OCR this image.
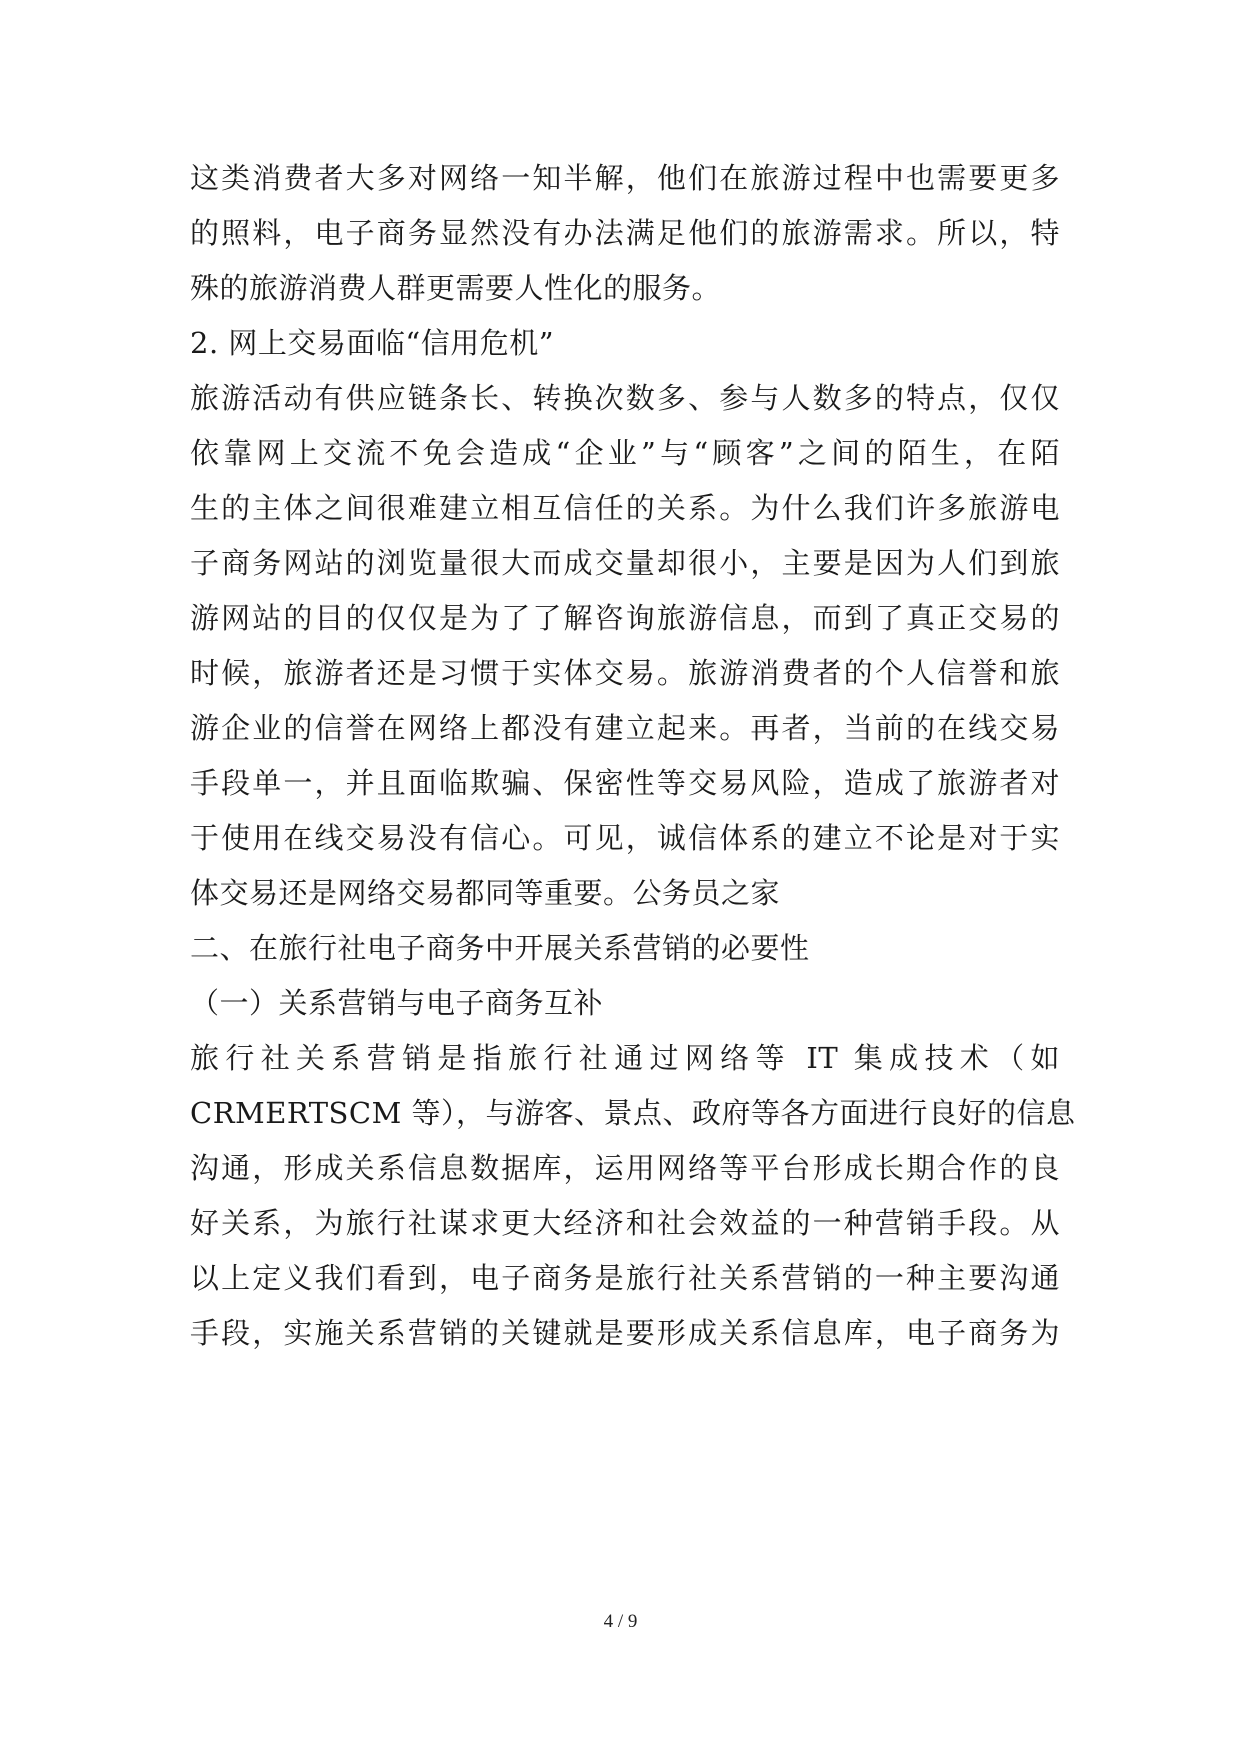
这类消费者大多对网络一知半解，他们在旅游过程中也需要更多
的照料，电子商务显然没有办法满足他们的旅游需求。所以，特
殊的旅游消费人群更需要人性化的服务。
2. 网上交易面临“信用危机”
旅游活动有供应链条长、转换次数多、参与人数多的特点，仅仅
依靠网上交流不免会造成“企业”与“顾客”之间的陌生，在陌
生的主体之间很难建立相互信任的关系。为什么我们许多旅游电
子商务网站的浏览量很大而成交量却很小，主要是因为人们到旅
游网站的目的仅仅是为了了解咨询旅游信息，而到了真正交易的
时候，旅游者还是习惯于实体交易。旅游消费者的个人信誉和旅
游企业的信誉在网络上都没有建立起来。再者，当前的在线交易
手段单一，并且面临欺骗、保密性等交易风险，造成了旅游者对
于使用在线交易没有信心。可见，诚信体系的建立不论是对于实
体交易还是网络交易都同等重要。公务员之家
二、在旅行社电子商务中开展关系营销的必要性
（一）关系营销与电子商务互补
旅行社关系营销是指旅行社通过网络等 IT 集成技术（如
CRMERTSCM 等），与游客、景点、政府等各方面进行良好的信息
沟通，形成关系信息数据库，运用网络等平台形成长期合作的良
好关系，为旅行社谋求更大经济和社会效益的一种营销手段。从
以上定义我们看到，电子商务是旅行社关系营销的一种主要沟通
手段，实施关系营销的关键就是要形成关系信息库，电子商务为
4 / 9
